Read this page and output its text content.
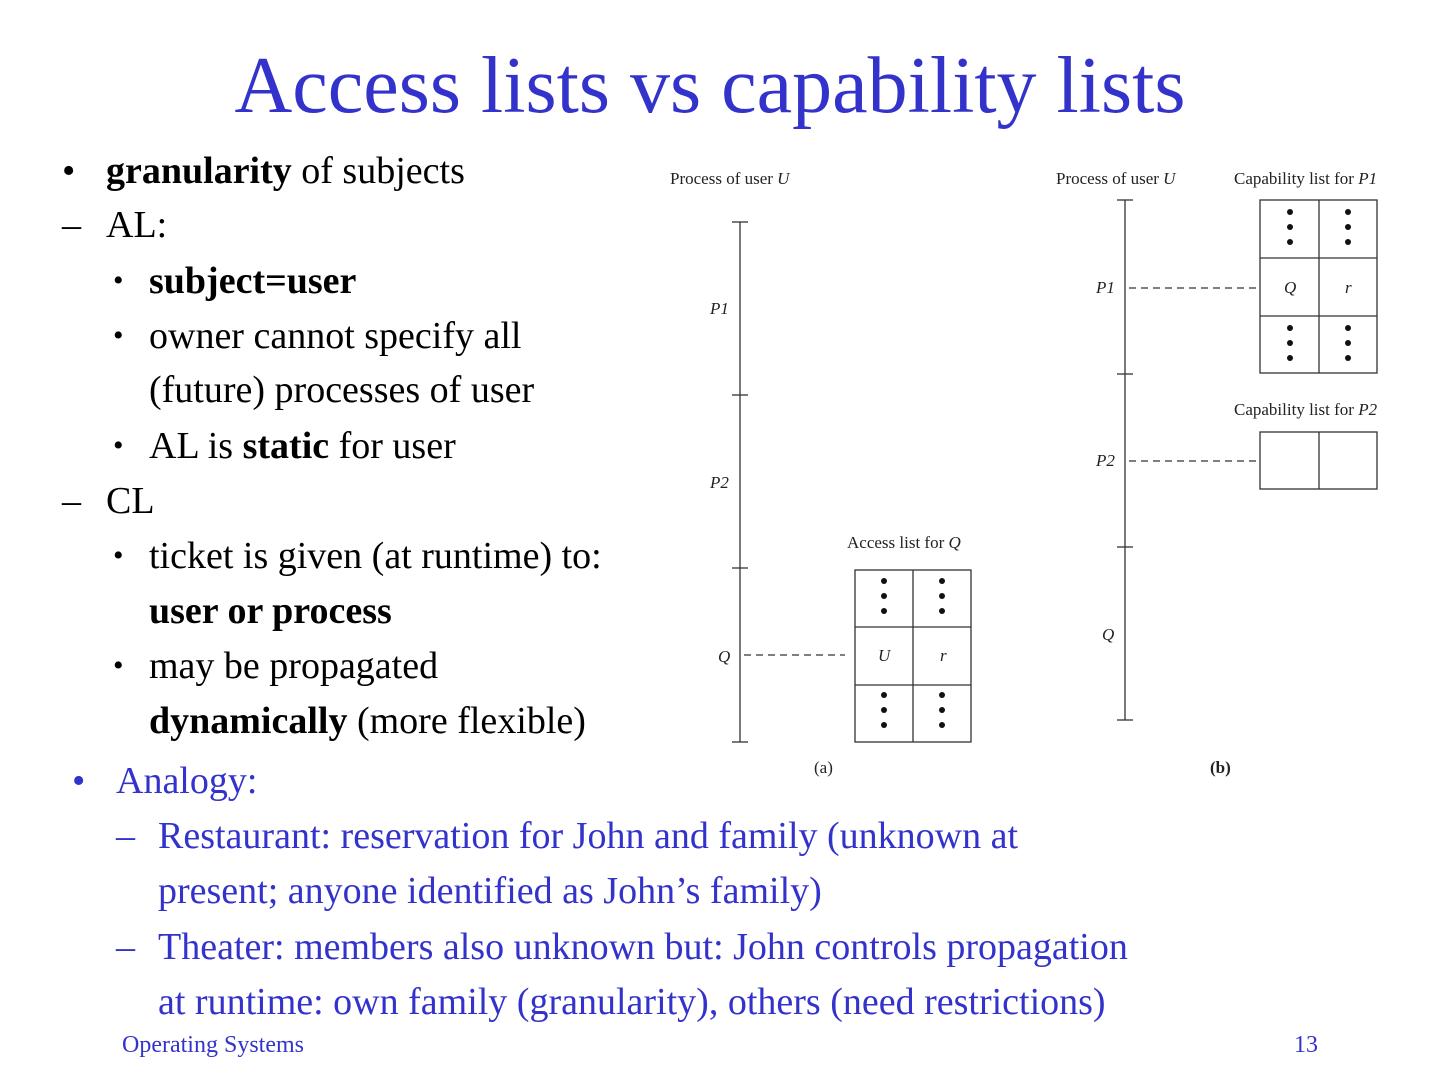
Access lists vs capability lists
• granularity of subjects
– AL:
• subject=user
• owner cannot specify all
(future) processes of user
• AL is static for user
– CL
• ticket is given (at runtime) to:
user or process
• may be propagated
dynamically (more flexible)
• Analogy:
– Restaurant: reservation for John and family (unknown at
present; anyone identified as John’s family)
– Theater: members also unknown but: John controls propagation
at runtime: own family (granularity), others (need restrictions)
Process of user U
P1
P2
Q
Access list for Q
U	r
(a)
Process of user U	Capability list for P1
P1	Q	r
Capability list for P2
P2
Q
(b)
Operating Systems	13
